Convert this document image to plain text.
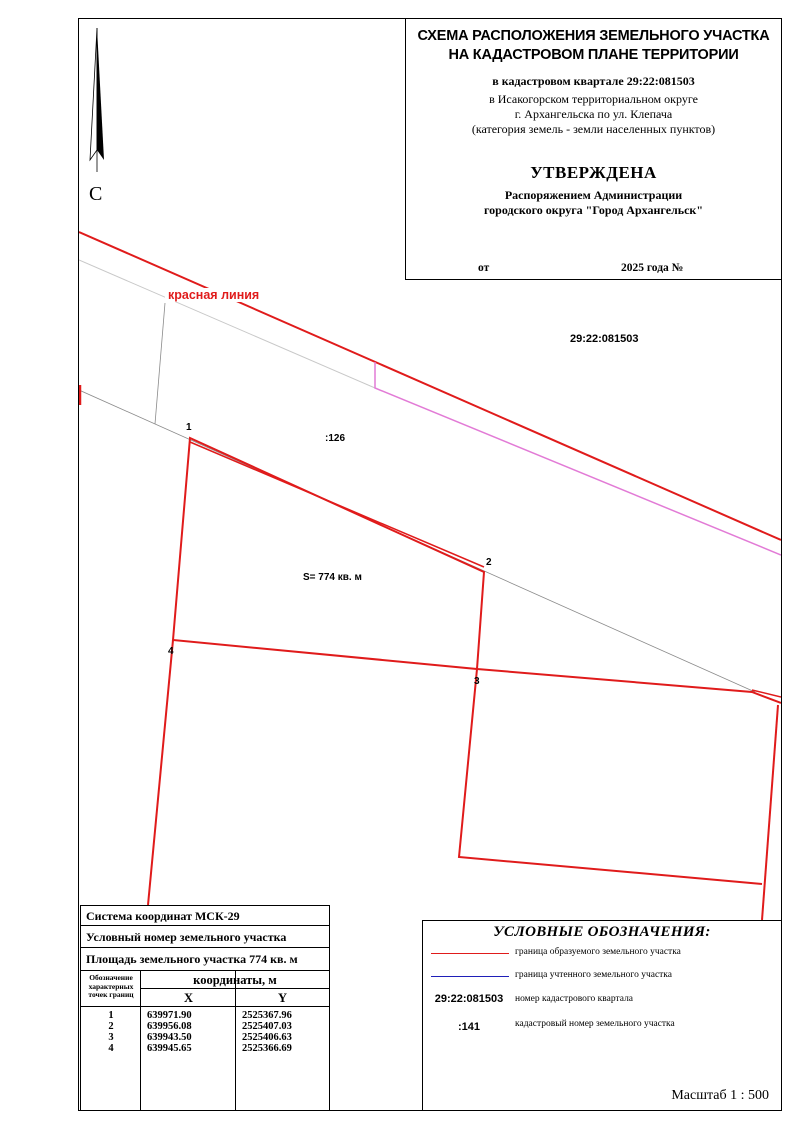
С
красная линия
29:22:081503
:126
S= 774 кв. м
1
2
3
4
СХЕМА РАСПОЛОЖЕНИЯ ЗЕМЕЛЬНОГО УЧАСТКА
НА КАДАСТРОВОМ ПЛАНЕ ТЕРРИТОРИИ
в кадастровом квартале 29:22:081503
в Исакогорском территориальном округе
г. Архангельска по ул. Клепача
(категория земель - земли населенных пунктов)
УТВЕРЖДЕНА
Распоряжением Администрации
городского округа "Город Архангельск"
от	2025 года №
Система координат МСК-29
Условный номер земельного участка
Площадь земельного участка 774 кв. м
Обозначение характерных точек границ
координаты, м
X	Y
1	639971.90	2525367.96
2	639956.08	2525407.03
3	639943.50	2525406.63
4	639945.65	2525366.69
УСЛОВНЫЕ ОБОЗНАЧЕНИЯ:
граница образуемого земельного участка
граница учтенного земельного участка
29:22:081503	номер кадастрового квартала
:141	кадастровый номер земельного участка
Масштаб 1 : 500
